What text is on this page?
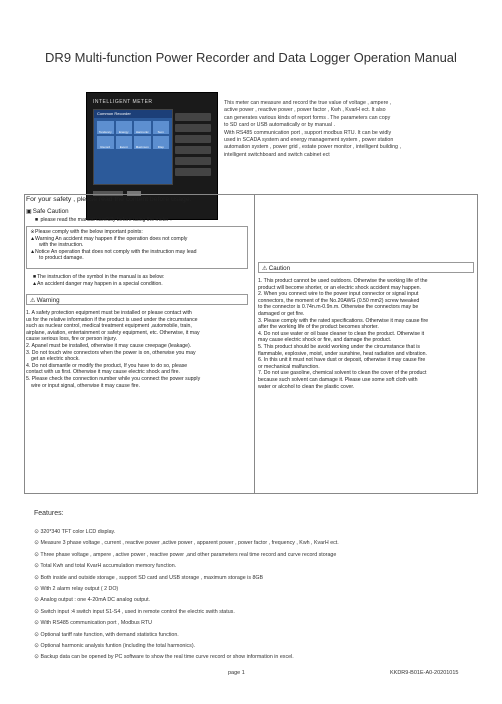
DR9 Multi-function Power Recorder and Data Logger Operation Manual
INTELLIGENT METER
Common Recorder
Tendency	Energy	Harmonic	Sum
Record	Event	Maximum	Disp

This meter can measure and record the true value of voltage , ampere ,

active power , reactive power , power factor , Kwh , KvarH ect. It also

can generates various kinds of report forms . The parameters can copy

to SD card or USB automatically or by manual .

With RS485 communication port , support modbus RTU. It can be widly

used in SCADA system and energy management system , power station

automation system , power grid , estate power monitor , intelligent building ,

intelligent switchboard and switch cabinet ect

For your safety , please read the content before usage.
▣ Safe Caution
■ please read the manual carefully before using the meter .

※Please comply with the below important points:

▲Warning An accident may happen if the operation does not comply

with the instruction.

▲Notice An operation that does not comply with the instruction may lead

to product damage.

■The instruction of the symbol in the manual is as below:

▲An accident danger may happen in a special condition.

⚠ Warning

1. A safety protection equipment must be installed or please contact with

us for the relative information if the product is used under the circumstance

such as nuclear control, medical treatment equipment ,automobile, train,

airplane, aviation, entertainment or safety equipment, etc. Otherwise, it may

cause serious loss, fire or person injury.

2. Apanel must be installed, otherwise it may cause creepage (leakage).

3. Do not touch wire connectors when the power is on, otherwise you may

get an electric shock.

4. Do not dismantle or modify the product, If you have to do so, please

contact with us first. Otherwise it may cause electric shock and fire.

5. Please check the connection number while you connect the power supply

wire or input signal, otherwise it may cause fire.

⚠ Caution

1. This product cannot be used outdoors. Otherwise the working life of the

product will become shorter, or an electric shock accident may happen.

2. When you connect wire to the power input connector or signal input

connectors, the moment of the No.20AWG (0.50 mm2) screw tweaked

to the connector is 0.74n.m-0.9n.m. Otherwise the connectors may be

damaged or get fire.

3. Please comply with the rated specifications. Otherwise it may cause fire

after the working life of the product becomes shorter.

4. Do not use water or oil base cleaner to clean the product. Otherwise it

may cause electric shock or fire, and damage the product.

5. This product should be avoid working under the circumstance that is

flammable, explosive, moist, under sunshine, heat radiation and vibration.

6. In this unit it must not have dust or deposit, otherwise it may cause fire

or mechanical malfunction.

7. Do not use gasoline, chemical solvent to clean the cover of the product

because such solvent can damage it. Please use some soft cloth with

water or alcohol to clean the plastic cover.

Features:
⊙ 320*340 TFT color LCD display.
⊙ Measure 3 phase voltage , current , reactive power ,active power , apparent power , power factor , frequency , Kwh , KvarH ect.
⊙ Three phase voltage , ampere , active power , reactive power ,and other parameters real time record and curve record storage
⊙ Total Kwh and total KvarH accumulation memory function.
⊙ Both inside and outside storage , support SD card and USB storage , maximum storage is 8GB
⊙ With 2 alarm relay output ( 2 DO)
⊙ Analog output : one 4-20mA DC analog output.
⊙ Switch input :4 switch input S1-S4 , used in remote control the electric swith status.
⊙ With RS485 communication port , Modbus RTU
⊙ Optional tariff rate function, with demand statistics function.
⊙ Optional harmonic analysis funtion (including the total harmonics).
⊙ Backup data can be opened by PC software to show the real time curve record or show information in excel.
page 1	KKDR9-B01E-A0-20201015
